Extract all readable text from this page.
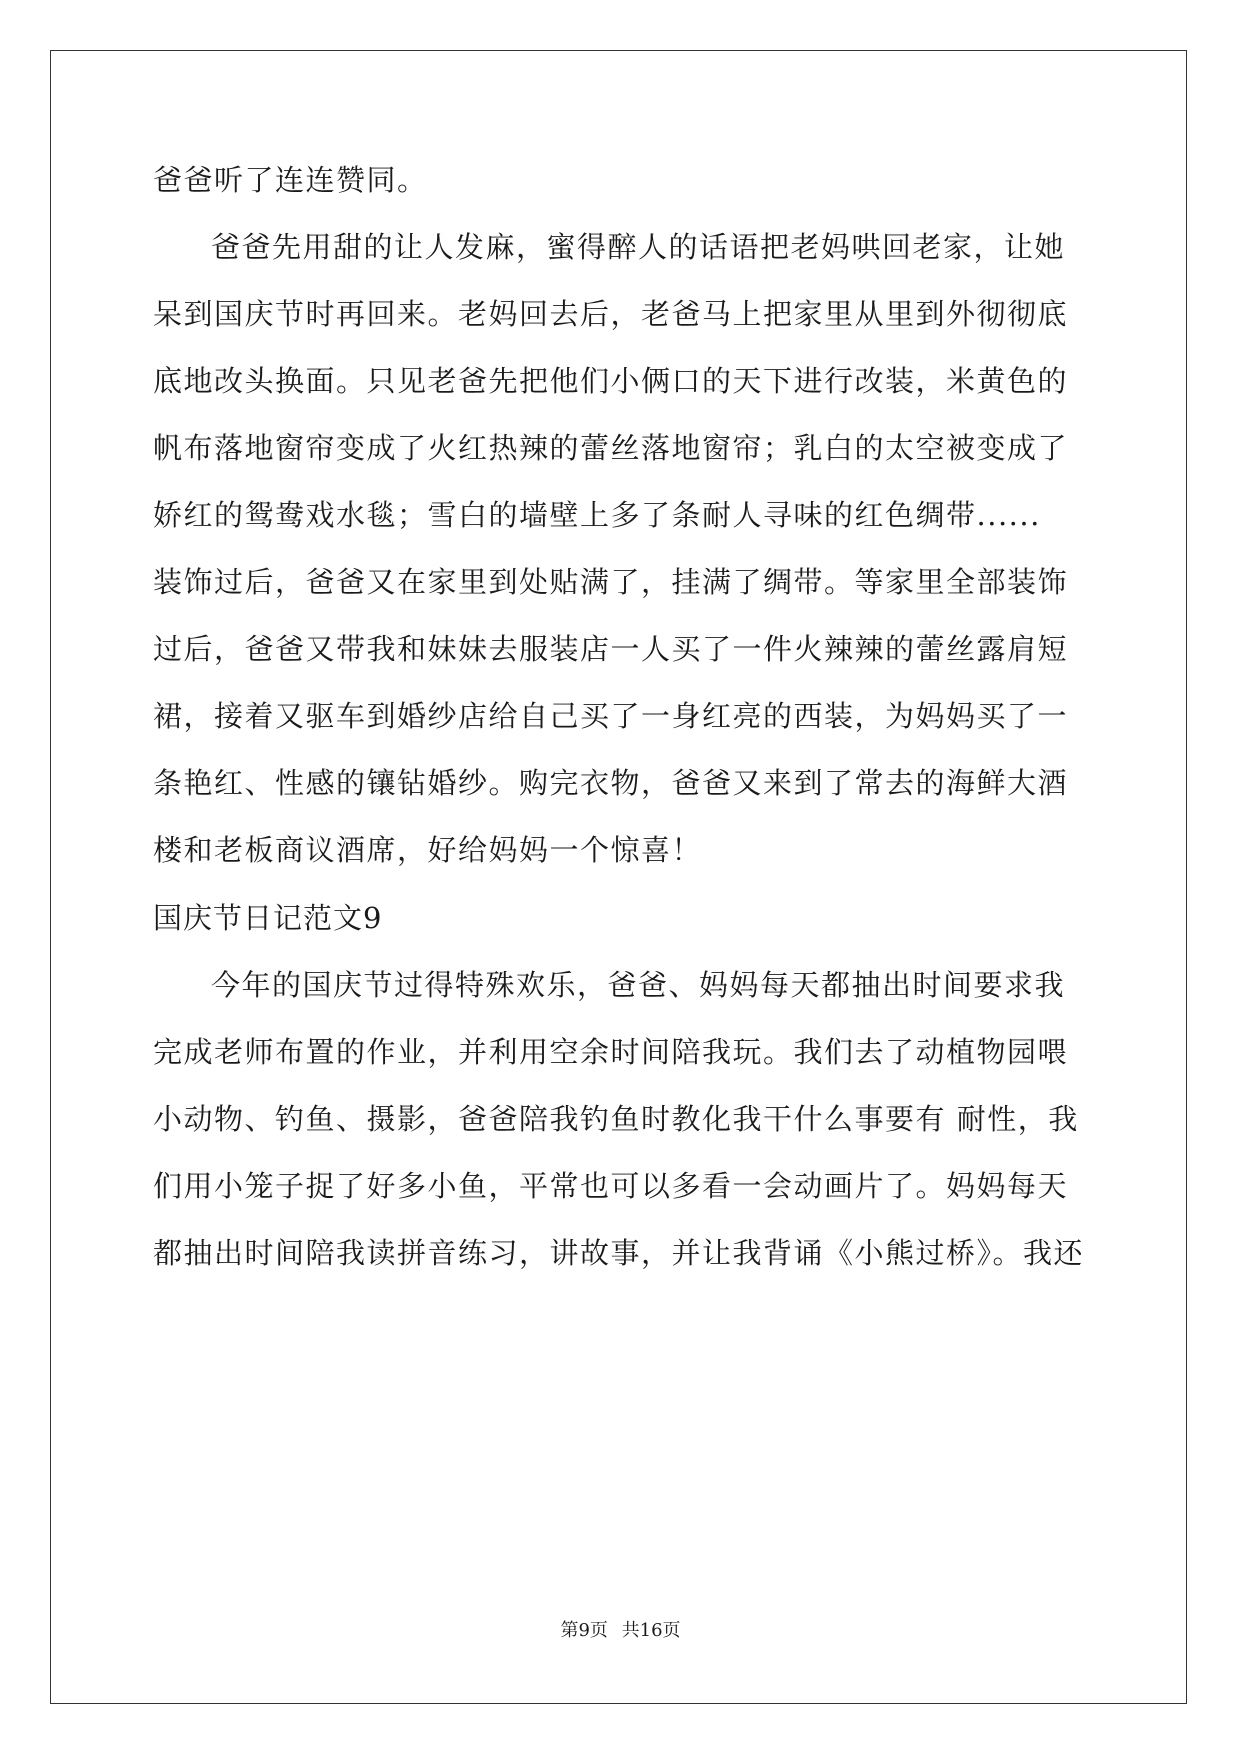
爸爸听了连连赞同。
爸爸先用甜的让人发麻，蜜得醉人的话语把老妈哄回老家，让她
呆到国庆节时再回来。老妈回去后，老爸马上把家里从里到外彻彻底
底地改头换面。只见老爸先把他们小俩口的天下进行改装，米黄色的
帆布落地窗帘变成了火红热辣的蕾丝落地窗帘；乳白的太空被变成了
娇红的鸳鸯戏水毯；雪白的墙壁上多了条耐人寻味的红色绸带......
装饰过后，爸爸又在家里到处贴满了，挂满了绸带。等家里全部装饰
过后，爸爸又带我和妹妹去服装店一人买了一件火辣辣的蕾丝露肩短
裙，接着又驱车到婚纱店给自己买了一身红亮的西装，为妈妈买了一
条艳红、性感的镶钻婚纱。购完衣物，爸爸又来到了常去的海鲜大酒
楼和老板商议酒席，好给妈妈一个惊喜！
国庆节日记范文9
今年的国庆节过得特殊欢乐，爸爸、妈妈每天都抽出时间要求我
完成老师布置的作业，并利用空余时间陪我玩。我们去了动植物园喂
小动物、钓鱼、摄影，爸爸陪我钓鱼时教化我干什么事要有 耐性，我
们用小笼子捉了好多小鱼，平常也可以多看一会动画片了。妈妈每天
都抽出时间陪我读拼音练习，讲故事，并让我背诵《小熊过桥》。我还
第9页 共16页
